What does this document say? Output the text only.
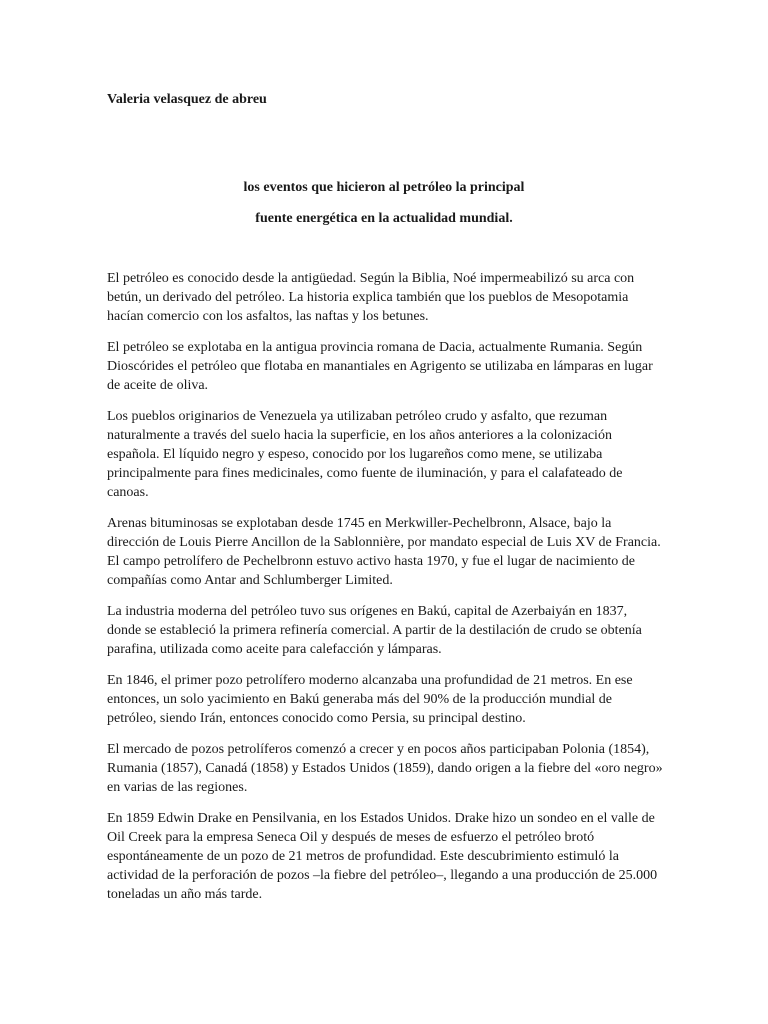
Valeria velasquez de abreu

los eventos que hicieron al petróleo la principal

fuente energética en la actualidad mundial.

El petróleo es conocido desde la antigüedad. Según la Biblia, Noé impermeabilizó su arca con betún, un derivado del petróleo. La historia explica también que los pueblos de Mesopotamia hacían comercio con los asfaltos, las naftas y los betunes.

El petróleo se explotaba en la antigua provincia romana de Dacia, actualmente Rumania. Según Dioscórides el petróleo que flotaba en manantiales en Agrigento se utilizaba en lámparas en lugar de aceite de oliva.

Los pueblos originarios de Venezuela ya utilizaban petróleo crudo y asfalto, que rezuman naturalmente a través del suelo hacia la superficie, en los años anteriores a la colonización española. El líquido negro y espeso, conocido por los lugareños como mene, se utilizaba principalmente para fines medicinales, como fuente de iluminación, y para el calafateado de canoas.

Arenas bituminosas se explotaban desde 1745 en Merkwiller-Pechelbronn, Alsace, bajo la dirección de Louis Pierre Ancillon de la Sablonnière, por mandato especial de Luis XV de Francia. El campo petrolífero de Pechelbronn estuvo activo hasta 1970, y fue el lugar de nacimiento de compañías como Antar and Schlumberger Limited.

La industria moderna del petróleo tuvo sus orígenes en Bakú, capital de Azerbaiyán en 1837, donde se estableció la primera refinería comercial. A partir de la destilación de crudo se obtenía parafina, utilizada como aceite para calefacción y lámparas.

En 1846, el primer pozo petrolífero moderno alcanzaba una profundidad de 21 metros. En ese entonces, un solo yacimiento en Bakú generaba más del 90% de la producción mundial de petróleo, siendo Irán, entonces conocido como Persia, su principal destino.

El mercado de pozos petrolíferos comenzó a crecer y en pocos años participaban Polonia (1854), Rumania (1857), Canadá (1858) y Estados Unidos (1859), dando origen a la fiebre del «oro negro» en varias de las regiones.

En 1859 Edwin Drake en Pensilvania, en los Estados Unidos. Drake hizo un sondeo en el valle de Oil Creek para la empresa Seneca Oil y después de meses de esfuerzo el petróleo brotó espontáneamente de un pozo de 21 metros de profundidad. Este descubrimiento estimuló la actividad de la perforación de pozos –la fiebre del petróleo–, llegando a una producción de 25.000 toneladas un año más tarde.
